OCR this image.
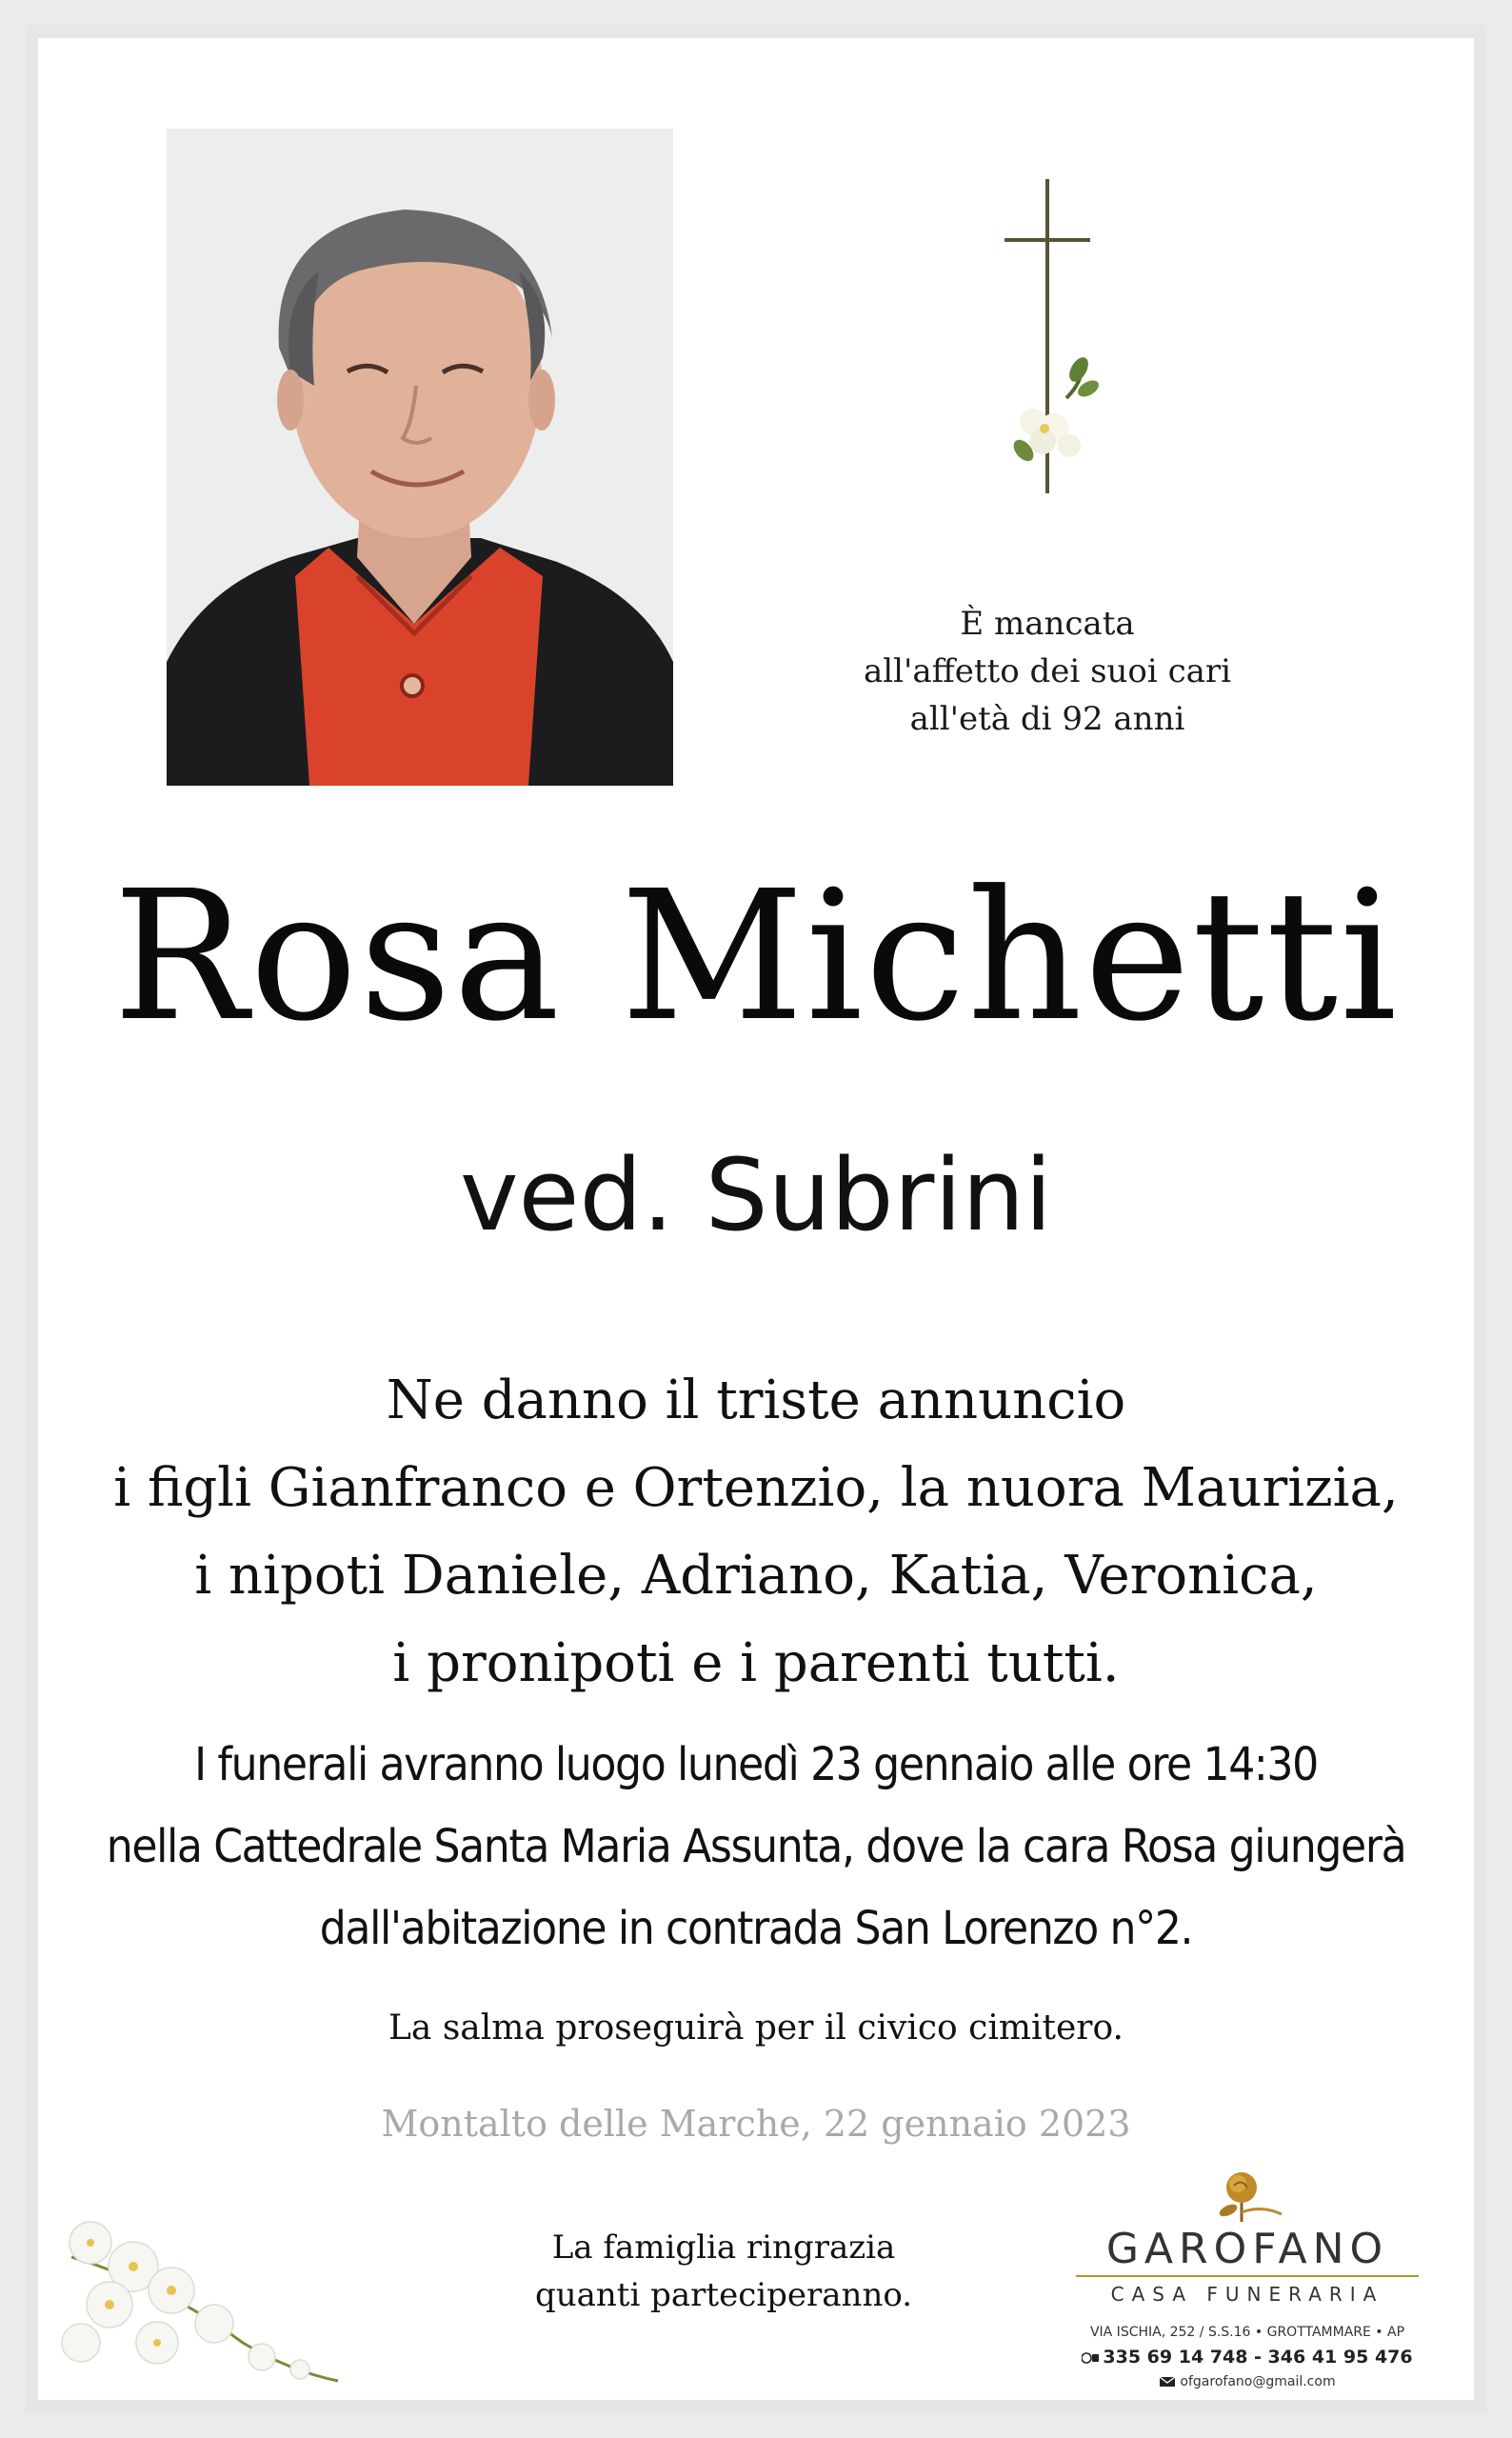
È mancata
all'affetto dei suoi cari
all'età di 92 anni
Rosa Michetti
ved. Subrini
Ne danno il triste annuncio
i figli Gianfranco e Ortenzio, la nuora Maurizia,
i nipoti Daniele, Adriano, Katia, Veronica,
i pronipoti e i parenti tutti.
I funerali avranno luogo lunedì 23 gennaio alle ore 14:30
nella Cattedrale Santa Maria Assunta, dove la cara Rosa giungerà
dall'abitazione in contrada San Lorenzo n°2.
La salma proseguirà per il civico cimitero.
Montalto delle Marche, 22 gennaio 2023
La famiglia ringrazia
quanti parteciperanno.
GAROFANO
CASA FUNERARIA
VIA ISCHIA, 252 / S.S.16 • GROTTAMMARE • AP
335 69 14 748 - 346 41 95 476
ofgarofano@gmail.com
